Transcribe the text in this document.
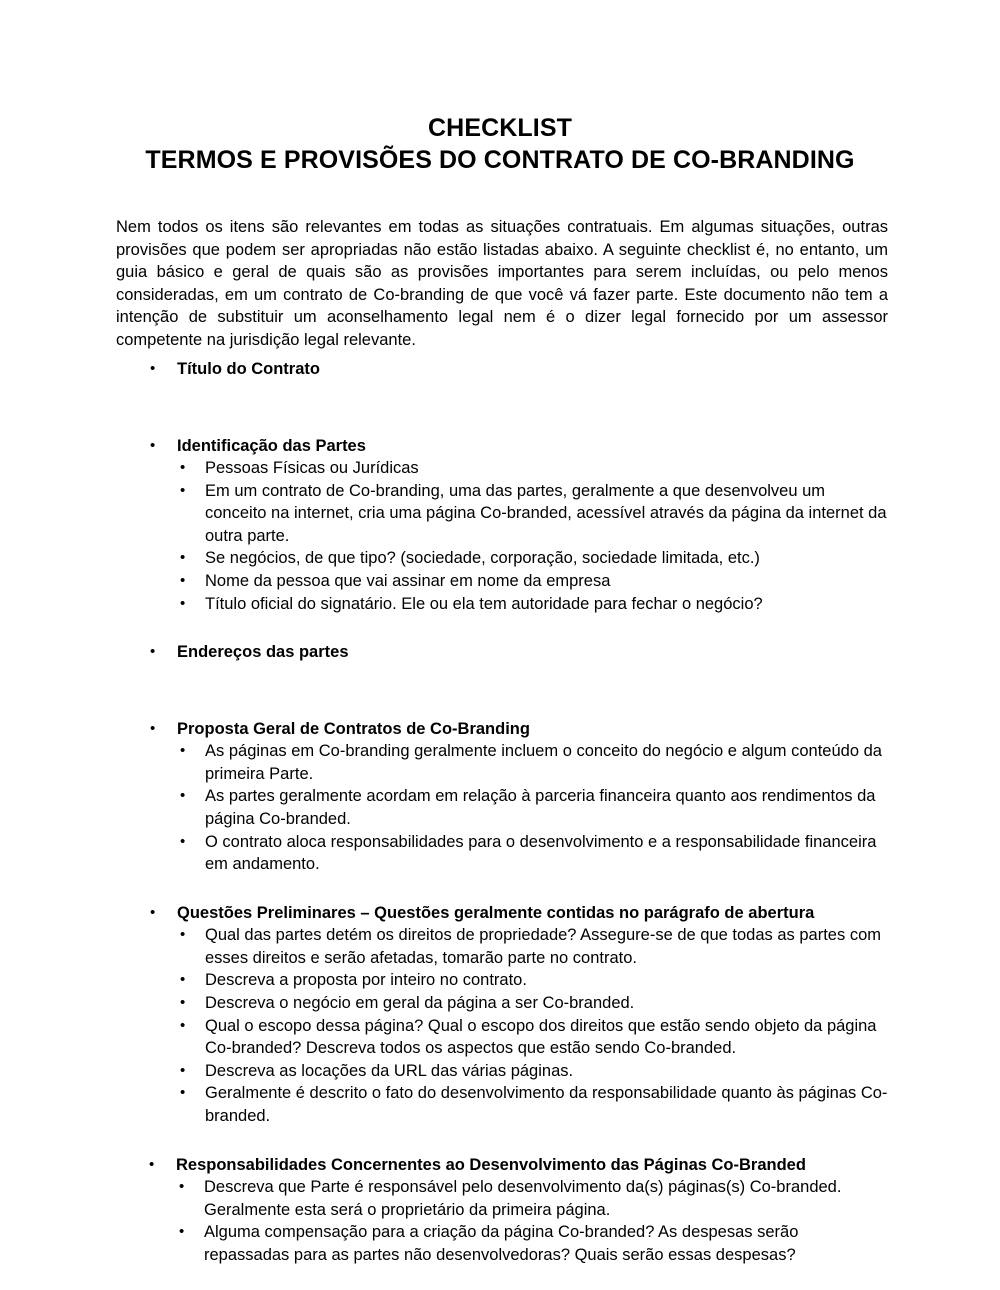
CHECKLIST
TERMOS E PROVISÕES DO CONTRATO DE CO-BRANDING

Nem todos os itens são relevantes em todas as situações contratuais. Em algumas situações, outras provisões que podem ser apropriadas não estão listadas abaixo. A seguinte checklist é, no entanto, um guia básico e geral de quais são as provisões importantes para serem incluídas, ou pelo menos consideradas, em um contrato de Co-branding de que você vá fazer parte. Este documento não tem a intenção de substituir um aconselhamento legal nem é o dizer legal fornecido por um assessor competente na jurisdição legal relevante.

•	Título do Contrato
•	Identificação das Partes
•	Pessoas Físicas ou Jurídicas
•	Em um contrato de Co-branding, uma das partes, geralmente a que desenvolveu um conceito na internet, cria uma página Co-branded, acessível através da página da internet da outra parte.
•	Se negócios, de que tipo? (sociedade, corporação, sociedade limitada, etc.)
•	Nome da pessoa que vai assinar em nome da empresa
•	Título oficial do signatário. Ele ou ela tem autoridade para fechar o negócio?
•	Endereços das partes
•	Proposta Geral de Contratos de Co-Branding
•	As páginas em Co-branding geralmente incluem o conceito do negócio e algum conteúdo da primeira Parte.
•	As partes geralmente acordam em relação à parceria financeira quanto aos rendimentos da página Co-branded.
•	O contrato aloca responsabilidades para o desenvolvimento e a responsabilidade financeira em andamento.
•	Questões Preliminares – Questões geralmente contidas no parágrafo de abertura
•	Qual das partes detém os direitos de propriedade? Assegure-se de que todas as partes com esses direitos e serão afetadas, tomarão parte no contrato.
•	Descreva a proposta por inteiro no contrato.
•	Descreva o negócio em geral da página a ser Co-branded.
•	Qual o escopo dessa página? Qual o escopo dos direitos que estão sendo objeto da página Co-branded? Descreva todos os aspectos que estão sendo Co-branded.
•	Descreva as locações da URL das várias páginas.
•	Geralmente é descrito o fato do desenvolvimento da responsabilidade quanto às páginas Co-branded.
•	Responsabilidades Concernentes ao Desenvolvimento das Páginas Co-Branded
•	Descreva que Parte é responsável pelo desenvolvimento da(s) páginas(s) Co-branded. Geralmente esta será o proprietário da primeira página.
•	Alguma compensação para a criação da página Co-branded? As despesas serão repassadas para as partes não desenvolvedoras? Quais serão essas despesas?
